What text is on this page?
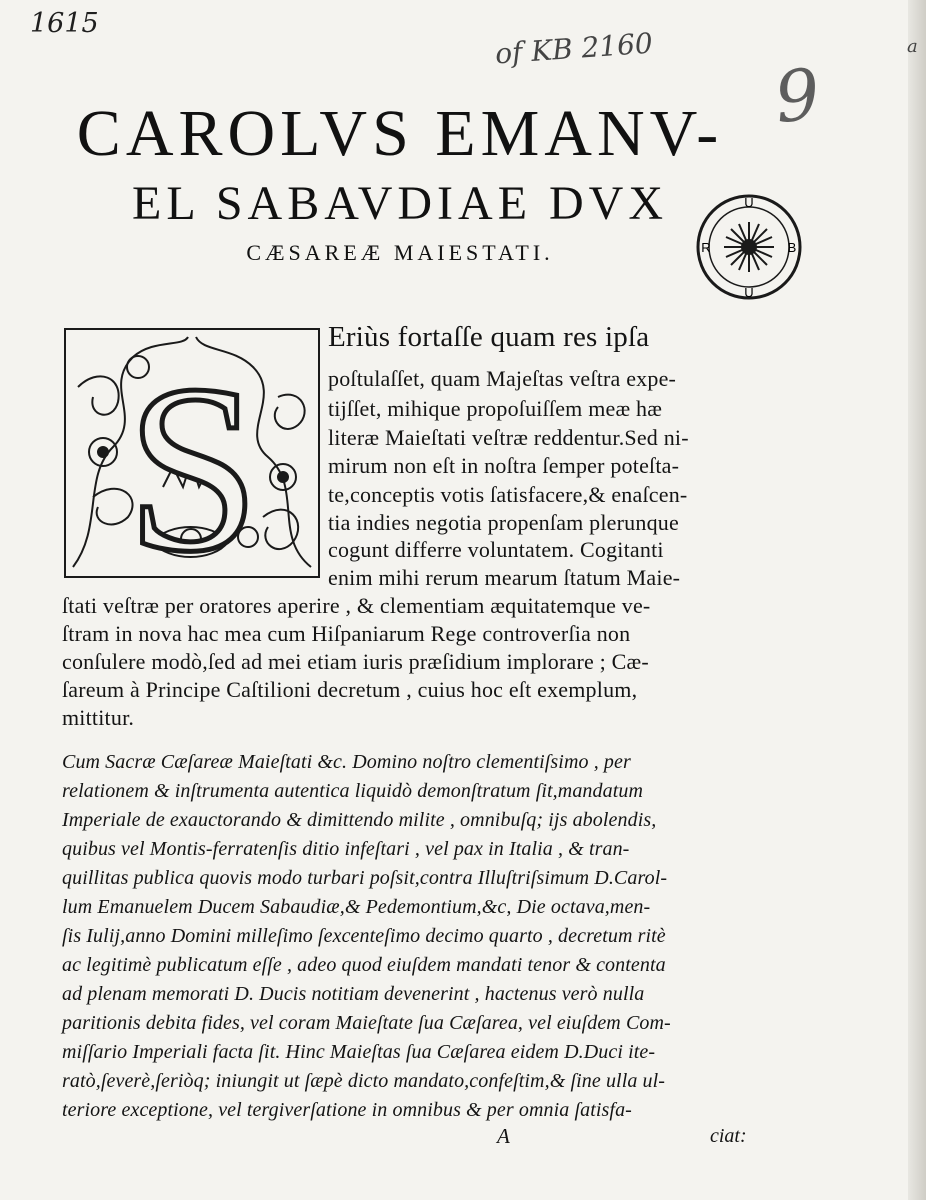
1615
of KB 2160
9
a
CAROLVS EMANV-
EL SABAVDIAE DVX
CÆSAREÆ MAIESTATI.
U
R	B
U
S Eriùs fortaſſe quam res ipſa

poſtulaſſet, quam Majeſtas veſtra expe-

tijſſet, mihique propoſuiſſem meæ hæ

literæ Maieſtati veſtræ reddentur.Sed ni-

mirum non eſt in noſtra ſemper poteſta-

te,conceptis votis ſatisfacere,& enaſcen-

tia indies negotia propenſam plerunque

cogunt differre voluntatem. Cogitanti

enim mihi rerum mearum ſtatum Maie-

ſtati veſtræ per oratores aperire , & clementiam æquitatemque ve-

ſtram in nova hac mea cum Hiſpaniarum Rege controverſia non

conſulere modò,ſed ad mei etiam iuris præſidium implorare ; Cæ-

ſareum à Principe Caſtilioni decretum , cuius hoc eſt exemplum,

mittitur.

Cum Sacræ Cæſareæ Maieſtati &c. Domino noſtro clementiſsimo , per

relationem & inſtrumenta autentica liquidò demonſtratum ſit,mandatum

Imperiale de exauctorando & dimittendo milite , omnibuſq; ijs abolendis,

quibus vel Montis-ferratenſis ditio infeſtari , vel pax in Italia , & tran-

quillitas publica quovis modo turbari poſsit,contra Illuſtriſsimum D.Carol-

lum Emanuelem Ducem Sabaudiæ,& Pedemontium,&c, Die octava,men-

ſis Iulij,anno Domini milleſimo ſexcenteſimo decimo quarto , decretum ritè

ac legitimè publicatum eſſe , adeo quod eiuſdem mandati tenor & contenta

ad plenam memorati D. Ducis notitiam devenerint , hactenus verò nulla

paritionis debita fides, vel coram Maieſtate ſua Cæſarea, vel eiuſdem Com-

miſſario Imperiali facta ſit. Hinc Maieſtas ſua Cæſarea eidem D.Duci ite-

ratò,ſeverè,ſeriòq; iniungit ut ſæpè dicto mandato,confeſtim,& ſine ulla ul-

teriore exceptione, vel tergiverſatione in omnibus & per omnia ſatisfa-

A	ciat:
